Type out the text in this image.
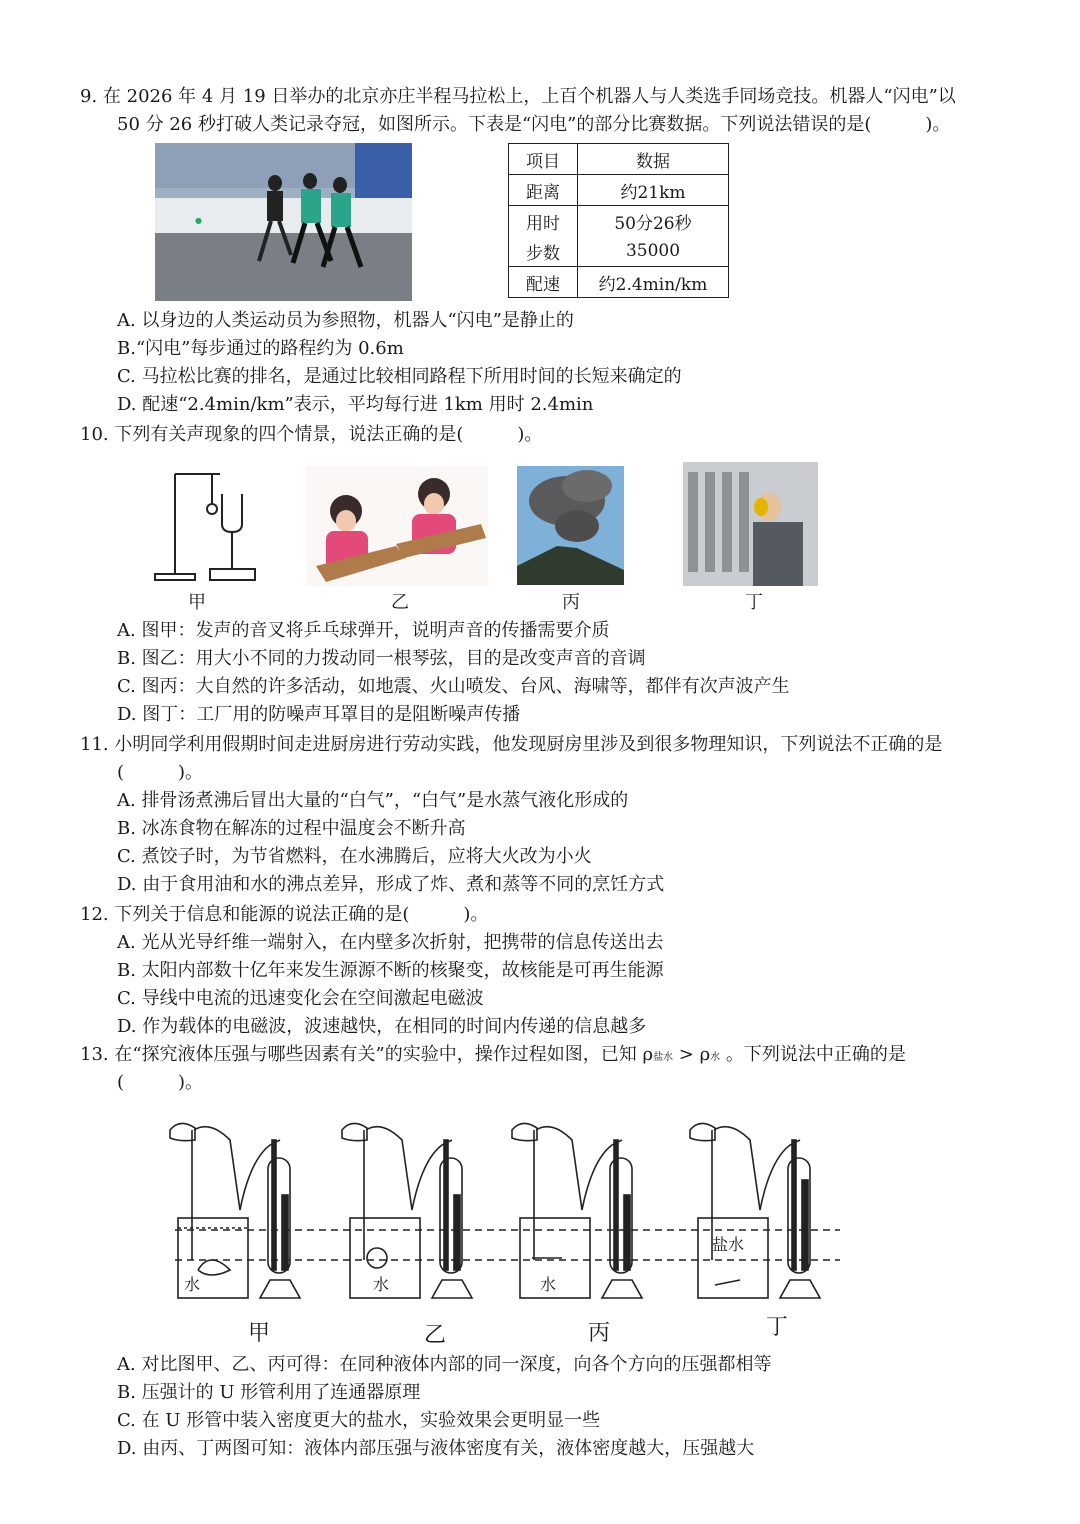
9. 在 2026 年 4 月 19 日举办的北京亦庄半程马拉松上，上百个机器人与人类选手同场竞技。机器人“闪电”以
50 分 26 秒打破人类记录夺冠，如图所示。下表是“闪电”的部分比赛数据。下列说法错误的是(　　　)。
●
项目	数据
距离	约21km
用时	50分26秒
步数	35000
配速	约2.4min/km
A. 以身边的人类运动员为参照物，机器人“闪电”是静止的
B.“闪电”每步通过的路程约为 0.6m
C. 马拉松比赛的排名，是通过比较相同路程下所用时间的长短来确定的
D. 配速“2.4min/km”表示，平均每行进 1km 用时 2.4min
10. 下列有关声现象的四个情景，说法正确的是(　　　)。
甲	乙	丙	丁
A. 图甲：发声的音叉将乒乓球弹开，说明声音的传播需要介质
B. 图乙：用大小不同的力拨动同一根琴弦，目的是改变声音的音调
C. 图丙：大自然的许多活动，如地震、火山喷发、台风、海啸等，都伴有次声波产生
D. 图丁：工厂用的防噪声耳罩目的是阻断噪声传播
11. 小明同学利用假期时间走进厨房进行劳动实践，他发现厨房里涉及到很多物理知识，下列说法不正确的是
(　　　)。
A. 排骨汤煮沸后冒出大量的“白气”，“白气”是水蒸气液化形成的
B. 冰冻食物在解冻的过程中温度会不断升高
C. 煮饺子时，为节省燃料，在水沸腾后，应将大火改为小火
D. 由于食用油和水的沸点差异，形成了炸、煮和蒸等不同的烹饪方式
12. 下列关于信息和能源的说法正确的是(　　　)。
A. 光从光导纤维一端射入，在内壁多次折射，把携带的信息传送出去
B. 太阳内部数十亿年来发生源源不断的核聚变，故核能是可再生能源
C. 导线中电流的迅速变化会在空间激起电磁波
D. 作为载体的电磁波，波速越快，在相同的时间内传递的信息越多
13. 在“探究液体压强与哪些因素有关”的实验中，操作过程如图，已知 ρ盐水 > ρ水 。下列说法中正确的是
(　　　)。
水	水	水
盐水
甲	乙	丙	丁
A. 对比图甲、乙、丙可得：在同种液体内部的同一深度，向各个方向的压强都相等
B. 压强计的 U 形管利用了连通器原理
C. 在 U 形管中装入密度更大的盐水，实验效果会更明显一些
D. 由丙、丁两图可知：液体内部压强与液体密度有关，液体密度越大，压强越大
